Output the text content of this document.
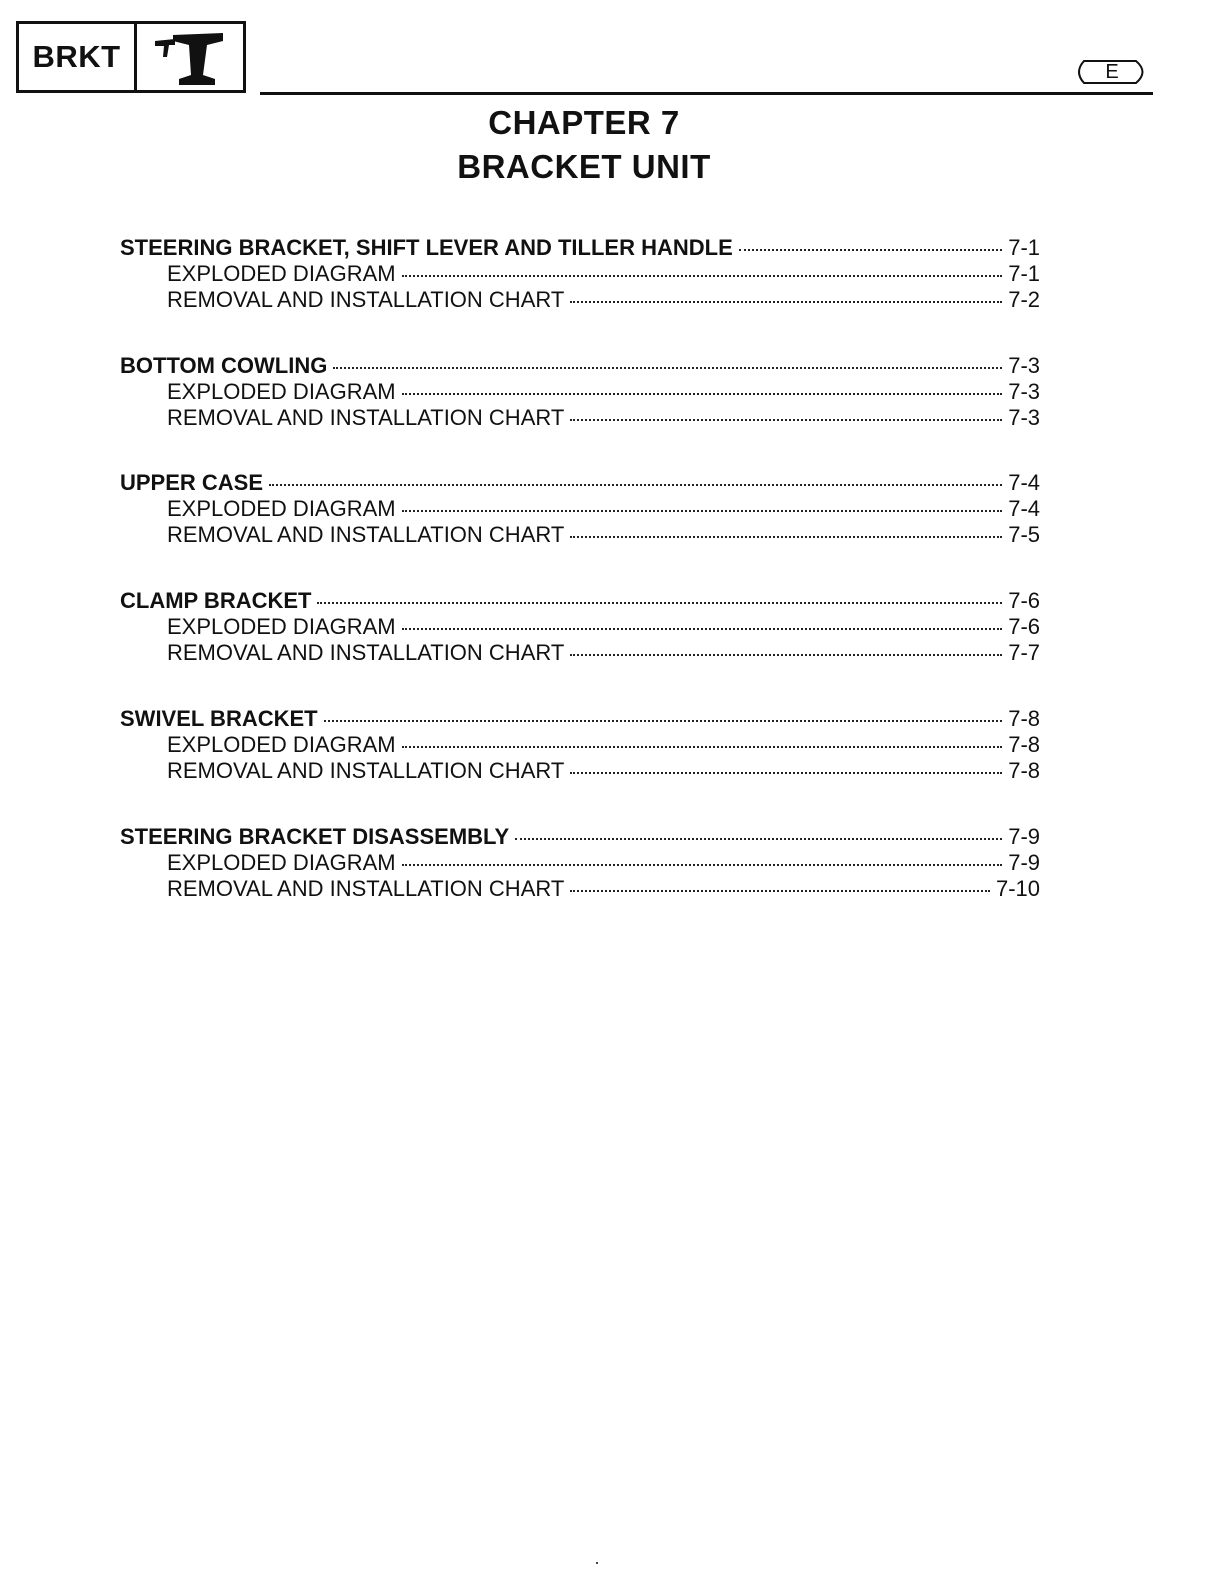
BRKT	E
CHAPTER 7
BRACKET UNIT
STEERING BRACKET, SHIFT LEVER AND TILLER HANDLE	7-1
EXPLODED DIAGRAM	7-1
REMOVAL AND INSTALLATION CHART	7-2
BOTTOM COWLING	7-3
EXPLODED DIAGRAM	7-3
REMOVAL AND INSTALLATION CHART	7-3
UPPER CASE	7-4
EXPLODED DIAGRAM	7-4
REMOVAL AND INSTALLATION CHART	7-5
CLAMP BRACKET	7-6
EXPLODED DIAGRAM	7-6
REMOVAL AND INSTALLATION CHART	7-7
SWIVEL BRACKET	7-8
EXPLODED DIAGRAM	7-8
REMOVAL AND INSTALLATION CHART	7-8
STEERING BRACKET DISASSEMBLY	7-9
EXPLODED DIAGRAM	7-9
REMOVAL AND INSTALLATION CHART	7-10
